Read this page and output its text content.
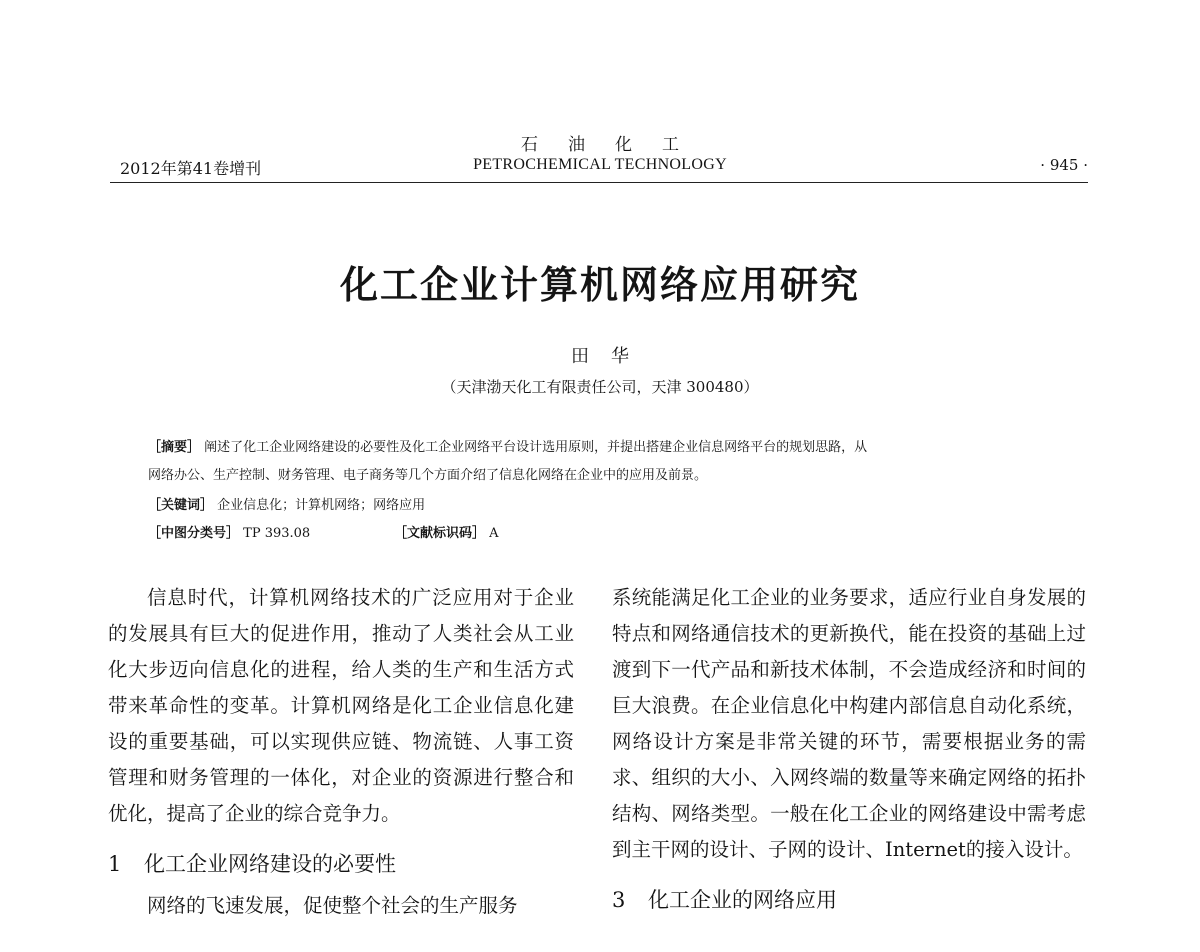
石油化工
2012年第41卷增刊	PETROCHEMICAL TECHNOLOGY	· 945 ·
化工企业计算机网络应用研究
田华
（天津渤天化工有限责任公司，天津 300480）
［摘要］ 阐述了化工企业网络建设的必要性及化工企业网络平台设计选用原则，并提出搭建企业信息网络平台的规划思路，从
网络办公、生产控制、财务管理、电子商务等几个方面介绍了信息化网络在企业中的应用及前景。
［关键词］ 企业信息化；计算机网络；网络应用
［中图分类号］ TP 393.08	［文献标识码］ A

信息时代，计算机网络技术的广泛应用对于企业的发展具有巨大的促进作用，推动了人类社会从工业化大步迈向信息化的进程，给人类的生产和生活方式带来革命性的变革。计算机网络是化工企业信息化建设的重要基础，可以实现供应链、物流链、人事工资管理和财务管理的一体化，对企业的资源进行整合和优化，提高了企业的综合竞争力。

1 化工企业网络建设的必要性

网络的飞速发展，促使整个社会的生产服务

系统能满足化工企业的业务要求，适应行业自身发展的特点和网络通信技术的更新换代，能在投资的基础上过渡到下一代产品和新技术体制，不会造成经济和时间的巨大浪费。在企业信息化中构建内部信息自动化系统，网络设计方案是非常关键的环节，需要根据业务的需求、组织的大小、入网终端的数量等来确定网络的拓扑结构、网络类型。一般在化工企业的网络建设中需考虑到主干网的设计、子网的设计、Internet的接入设计。

3 化工企业的网络应用
